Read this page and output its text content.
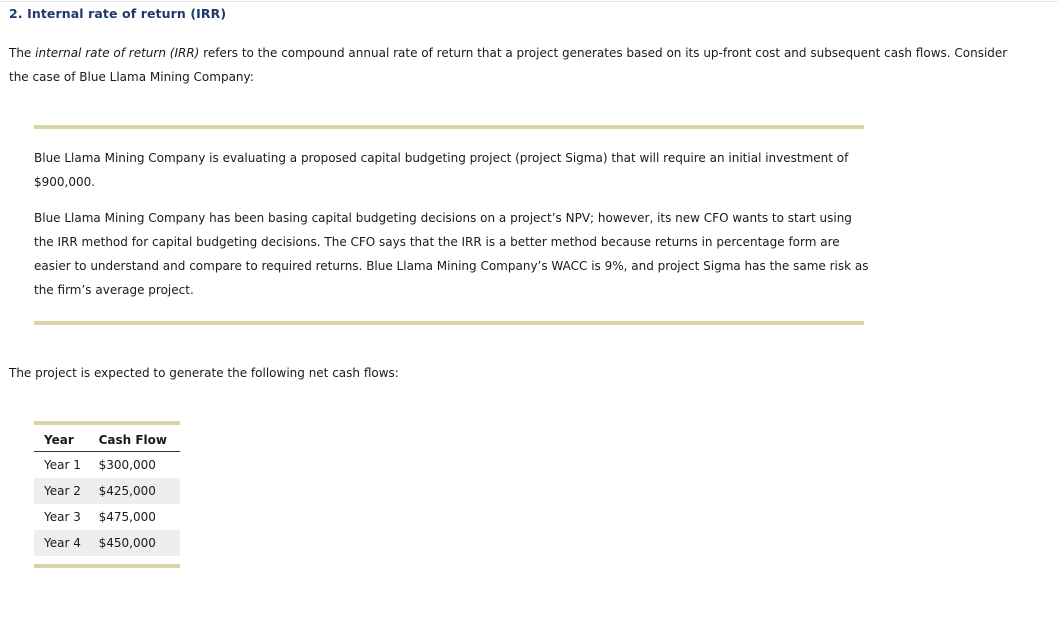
2. Internal rate of return (IRR)
The internal rate of return (IRR) refers to the compound annual rate of return that a project generates based on its up-front cost and subsequent cash flows. Consider the case of Blue Llama Mining Company:

Blue Llama Mining Company is evaluating a proposed capital budgeting project (project Sigma) that will require an initial investment of $900,000.

Blue Llama Mining Company has been basing capital budgeting decisions on a project’s NPV; however, its new CFO wants to start using the IRR method for capital budgeting decisions. The CFO says that the IRR is a better method because returns in percentage form are easier to understand and compare to required returns. Blue Llama Mining Company’s WACC is 9%, and project Sigma has the same risk as the firm’s average project.

The project is expected to generate the following net cash flows:
Year	Cash Flow
Year 1	$300,000
Year 2	$425,000
Year 3	$475,000
Year 4	$450,000
